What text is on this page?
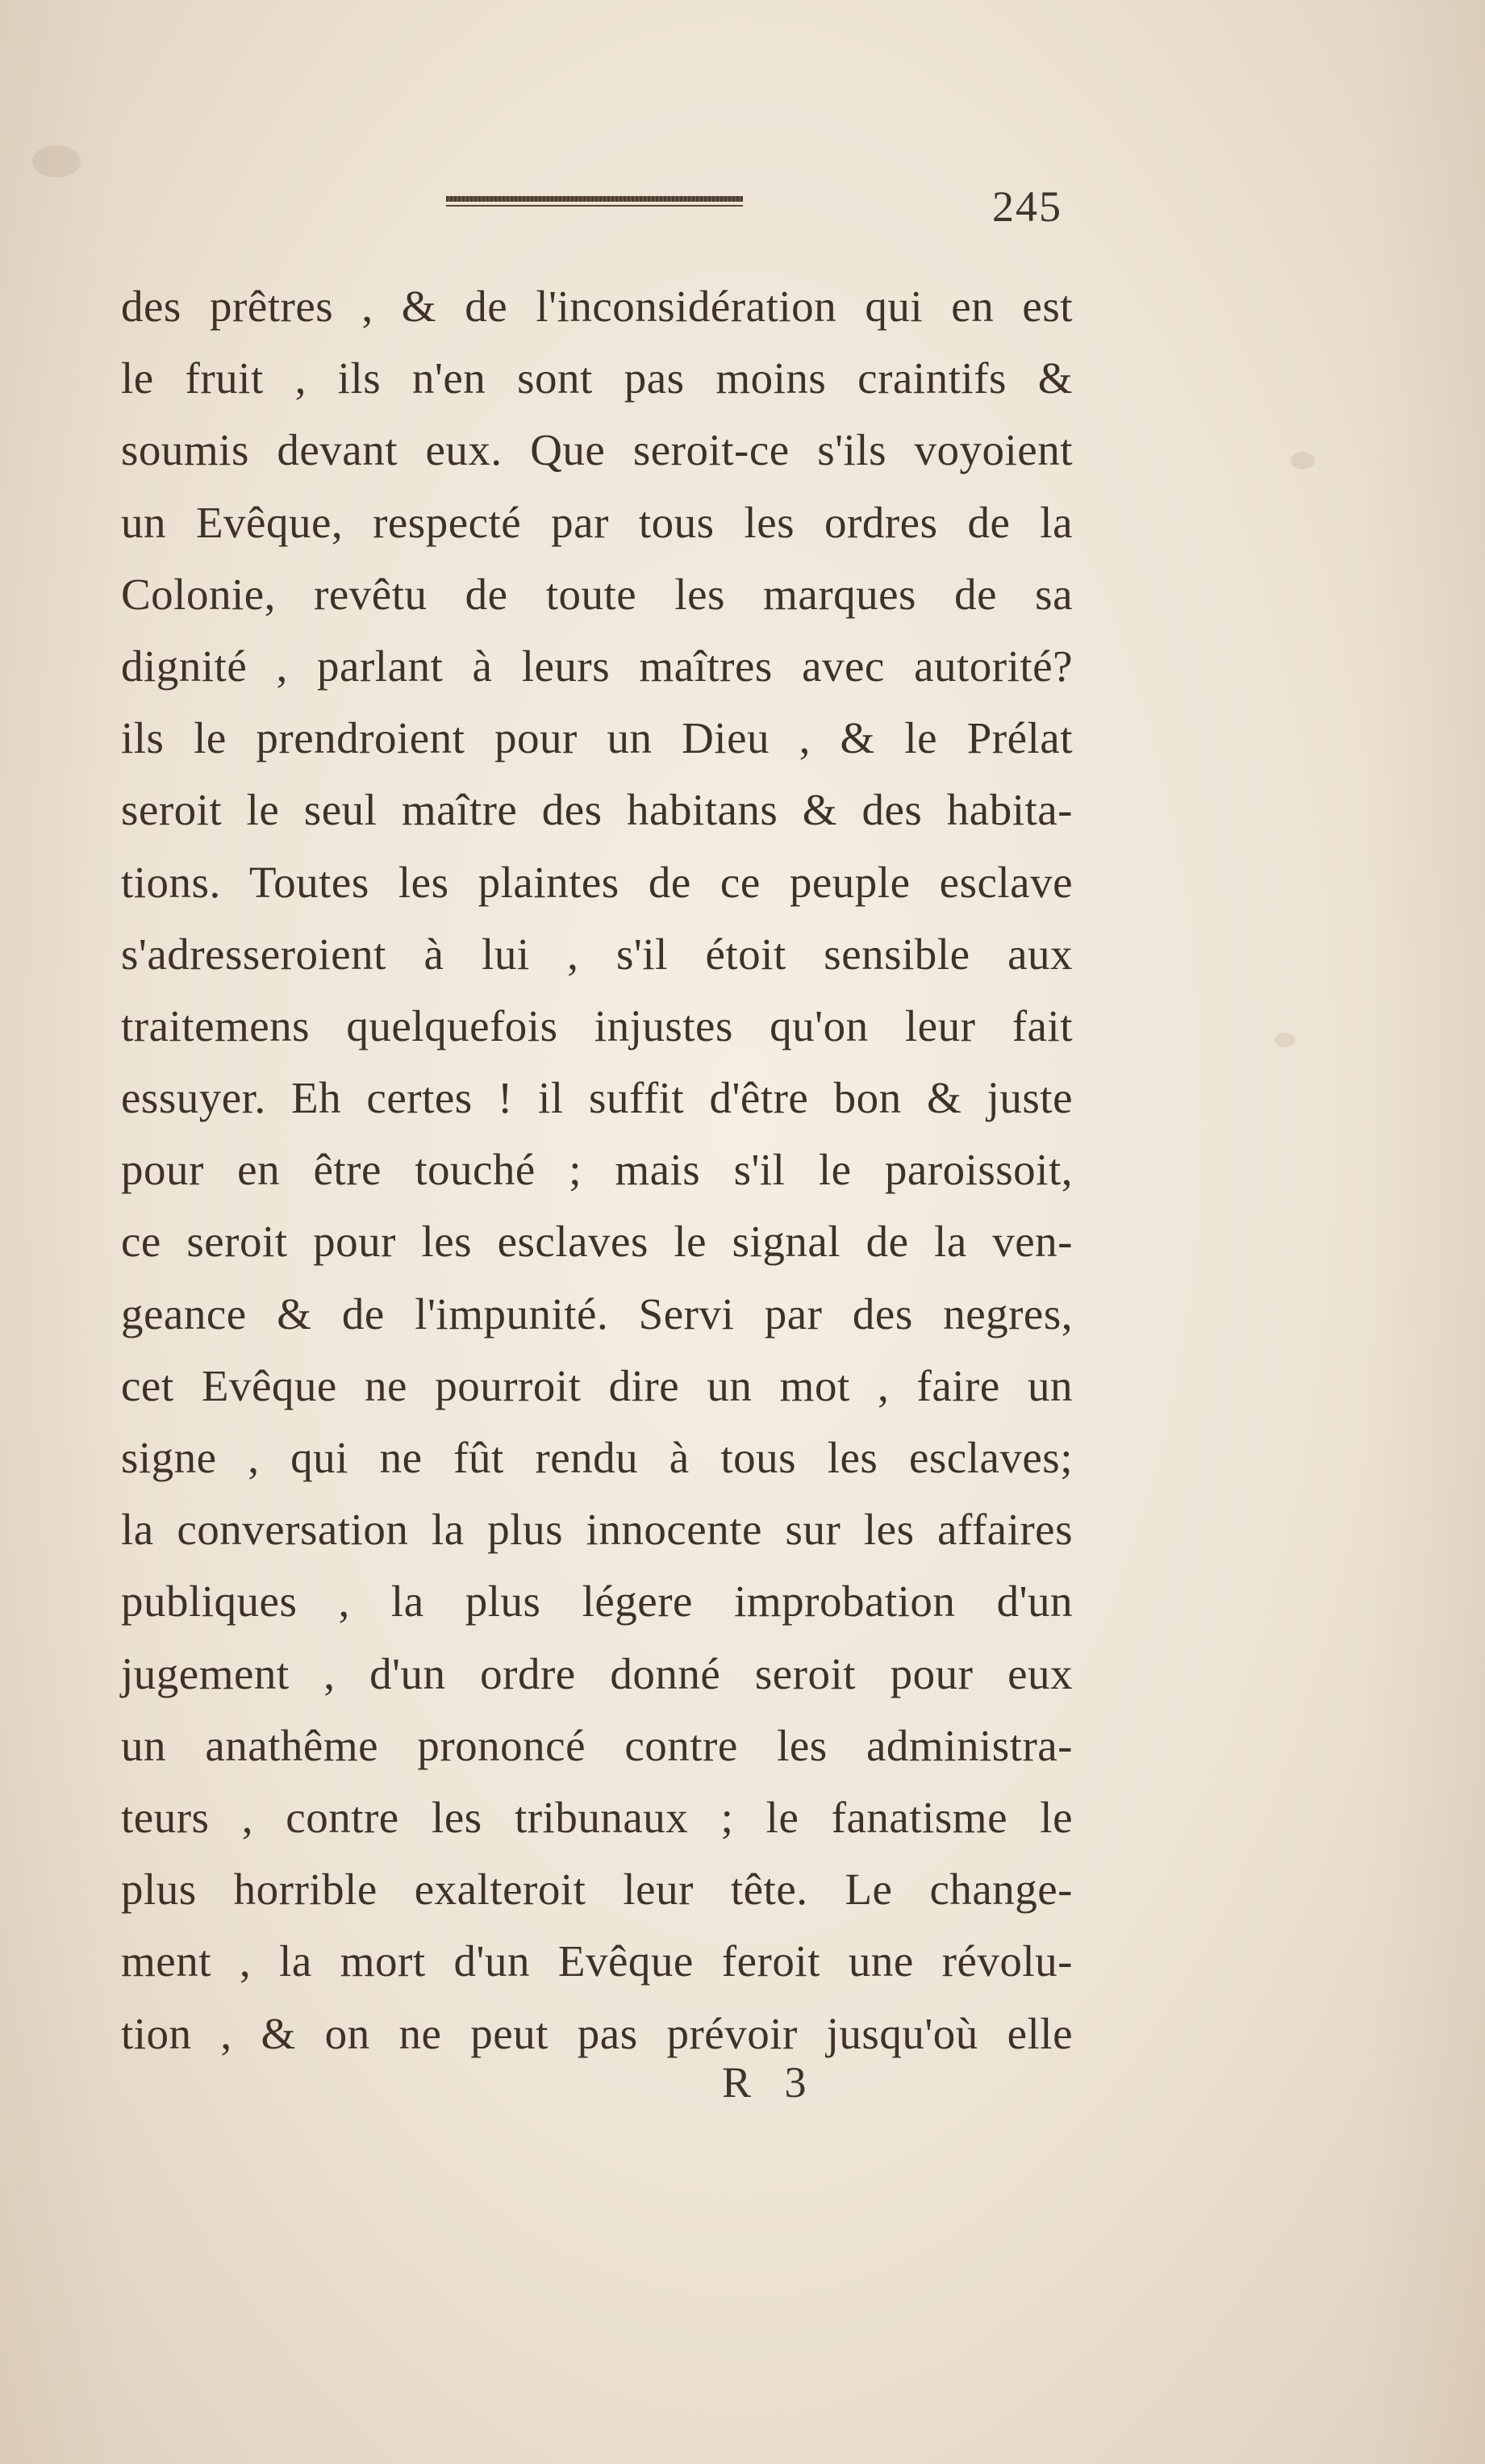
245
des prêtres , & de l'inconsidération qui en est
le fruit , ils n'en sont pas moins craintifs &
soumis devant eux. Que seroit-ce s'ils voyoient
un Evêque, respecté par tous les ordres de la
Colonie, revêtu de toute les marques de sa
dignité , parlant à leurs maîtres avec autorité?
ils le prendroient pour un Dieu , & le Prélat
seroit le seul maître des habitans & des habita-
tions. Toutes les plaintes de ce peuple esclave
s'adresseroient à lui , s'il étoit sensible aux
traitemens quelquefois injustes qu'on leur fait
essuyer. Eh certes ! il suffit d'être bon & juste
pour en être touché ; mais s'il le paroissoit,
ce seroit pour les esclaves le signal de la ven-
geance & de l'impunité. Servi par des negres,
cet Evêque ne pourroit dire un mot , faire un
signe , qui ne fût rendu à tous les esclaves;
la conversation la plus innocente sur les affaires
publiques , la plus légere improbation d'un
jugement , d'un ordre donné seroit pour eux
un anathême prononcé contre les administra-
teurs , contre les tribunaux ; le fanatisme le
plus horrible exalteroit leur tête. Le change-
ment , la mort d'un Evêque feroit une révolu-
tion , & on ne peut pas prévoir jusqu'où elle
R 3
